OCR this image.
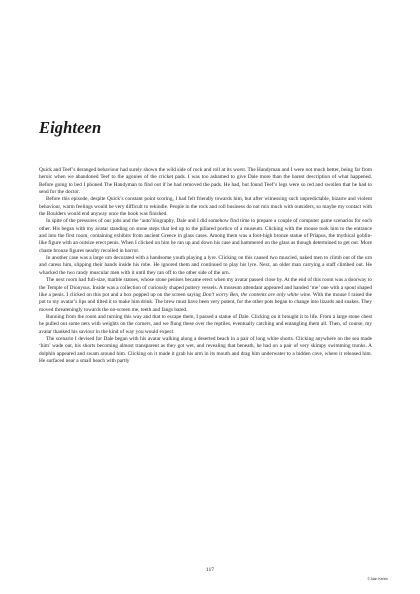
Eighteen

Quick and Teef’s deranged behaviour had surely shown the wild side of rock and roll at its worst. The Handyman and I were not much better, being far from heroic when we abandoned Teef to the agonies of the cricket pads. I was too ashamed to give Dale more than the barest description of what happened. Before going to bed I phoned The Handyman to find out if he had removed the pads. He had, but found Teef’s legs were so red and swollen that he had to send for the doctor.

Before this episode, despite Quick’s constant point scoring, I had felt friendly towards him, but after witnessing such unpredictable, bizarre and violent behaviour, warm feelings would be very difficult to rekindle. People in the rock and roll business do not mix much with outsiders, so maybe my contact with the Boulders would end anyway once the book was finished.

In spite of the pressures of our jobs and the ‘auto’biography, Dale and I did somehow find time to prepare a couple of computer game scenarios for each other. His began with my avatar standing on stone steps that led up to the pillared portico of a museum. Clicking with the mouse took him to the entrance and into the first room, containing exhibits from ancient Greece in glass cases. Among them was a foot-high bronze statue of Priapus, the mythical goblin-like figure with an outsize erect penis. When I clicked on him he ran up and down his case and hammered on the glass as though determined to get out. More chaste bronze figures nearby recoiled in horror.

In another case was a large urn decorated with a handsome youth playing a lyre. Clicking on this caused two muscled, naked men to climb out of the urn and caress him, slipping their hands inside his robe. He ignored them and continued to play his lyre. Next, an older man carrying a staff climbed out. He whacked the two randy muscular men with it until they ran off to the other side of the urn.

The next room had full-size, marble statues, whose stone penises became erect when my avatar passed close by. At the end of this room was a doorway to the Temple of Dionysus. Inside was a collection of curiously shaped pottery vessels. A museum attendant appeared and handed ‘me’ one with a spout shaped like a penis. I clicked on this pot and a box popped up on the screen saying Don’t worry Ben, the contents are only white wine. With the mouse I raised the pot to my avatar’s lips and tilted it to make him drink. The brew must have been very potent, for the other pots began to change into lizards and snakes. They moved threateningly towards the on-screen me, teeth and fangs bared.

Running from the room and turning this way and that to escape them, I passed a statue of Dale. Clicking on it brought it to life. From a large stone chest he pulled out some nets with weights on the corners, and we flung these over the reptiles, eventually catching and entangling them all. Then, of course, my avatar thanked his saviour in the kind of way you would expect.

The scenario I devised for Dale began with his avatar walking along a deserted beach in a pair of long white shorts. Clicking anywhere on the sea made ‘him’ wade out, his shorts becoming almost transparent as they got wet, and revealing that beneath, he had on a pair of very skimpy swimming trunks. A dolphin appeared and swam around him. Clicking on it made it grab his arm in its mouth and drag him underwater to a hidden cave, where it released him. He surfaced near a small beach with partly

117
© Alan Kerkin
